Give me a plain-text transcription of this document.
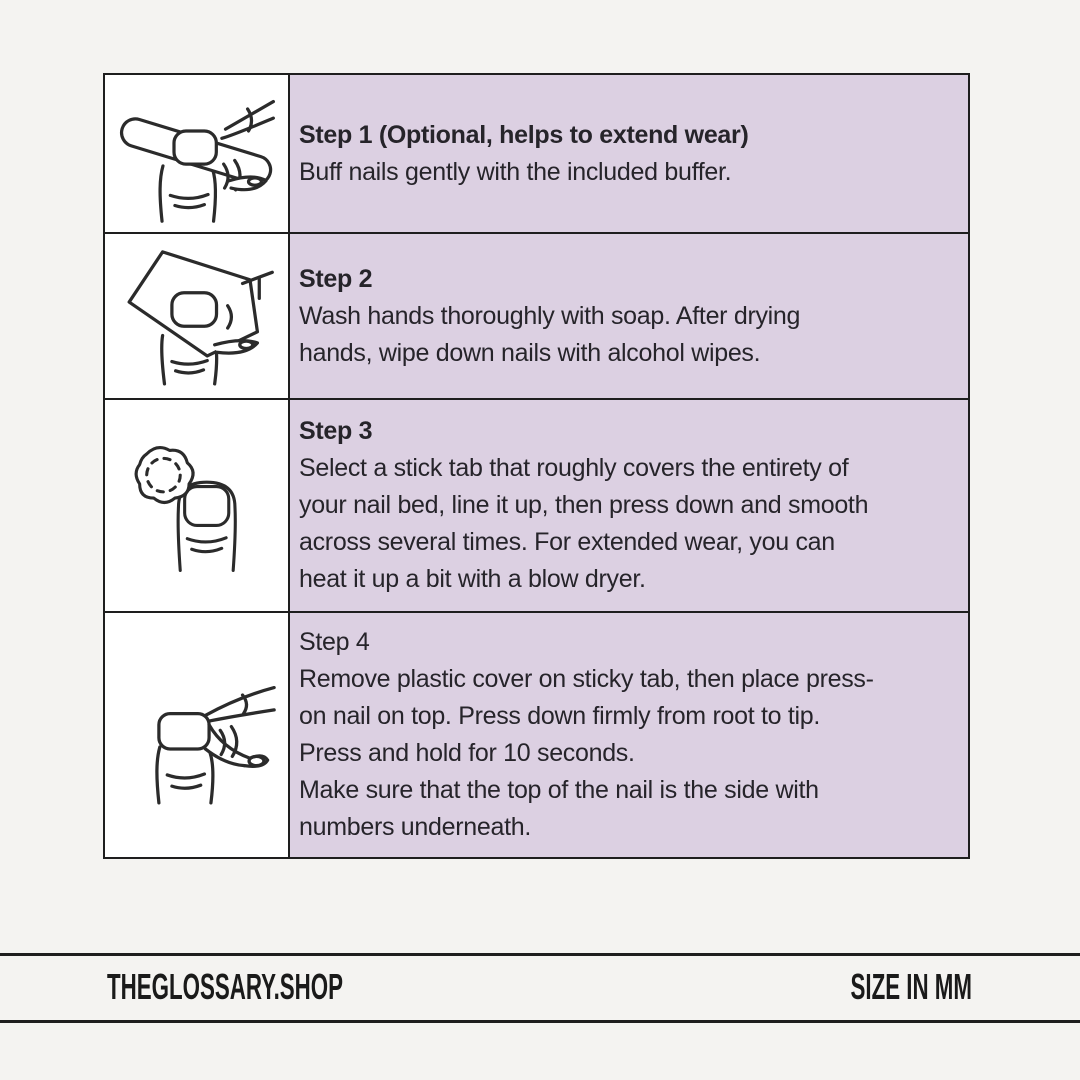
Step 1 (Optional, helps to extend wear)
Buff nails gently with the included buffer.
Step 2
Wash hands thoroughly with soap. After drying
hands, wipe down nails with alcohol wipes.
Step 3
Select a stick tab that roughly covers the entirety of
your nail bed, line it up, then press down and smooth
across several times. For extended wear, you can
heat it up a bit with a blow dryer.
Step 4
Remove plastic cover on sticky tab, then place press-
on nail on top. Press down firmly from root to tip.
Press and hold for 10 seconds.
Make sure that the top of the nail is the side with
numbers underneath.
THEGLOSSARY.SHOP	SIZE IN MM
